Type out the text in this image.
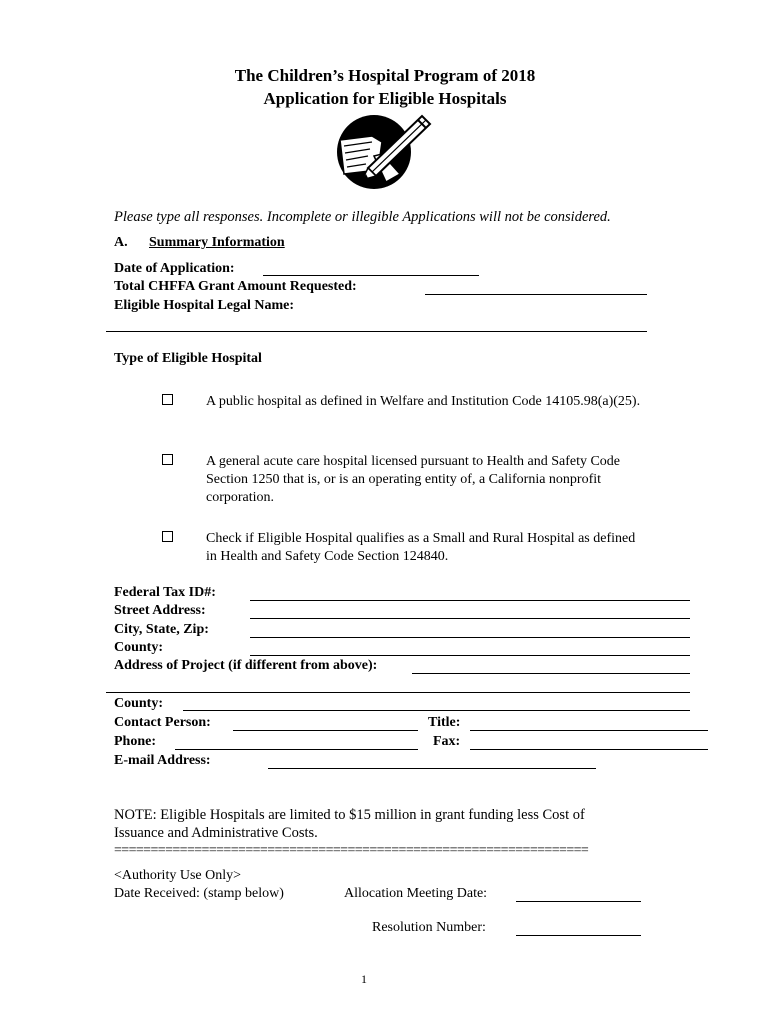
The Children’s Hospital Program of 2018
Application for Eligible Hospitals
Please type all responses. Incomplete or illegible Applications will not be considered.
A. Summary Information
Date of Application:
Total CHFFA Grant Amount Requested:
Eligible Hospital Legal Name:
Type of Eligible Hospital
A public hospital as defined in Welfare and Institution Code 14105.98(a)(25).
A general acute care hospital licensed pursuant to Health and Safety Code Section 1250 that is, or is an operating entity of, a California nonprofit corporation.
Check if Eligible Hospital qualifies as a Small and Rural Hospital as defined in Health and Safety Code Section 124840.
Federal Tax ID#:
Street Address:
City, State, Zip:
County:
Address of Project (if different from above):
County:
Contact Person:	Title:
Phone:	Fax:
E-mail Address:
NOTE: Eligible Hospitals are limited to $15 million in grant funding less Cost of
Issuance and Administrative Costs.
=================================================================
<Authority Use Only>
Date Received: (stamp below)	Allocation Meeting Date:
Resolution Number:
1
